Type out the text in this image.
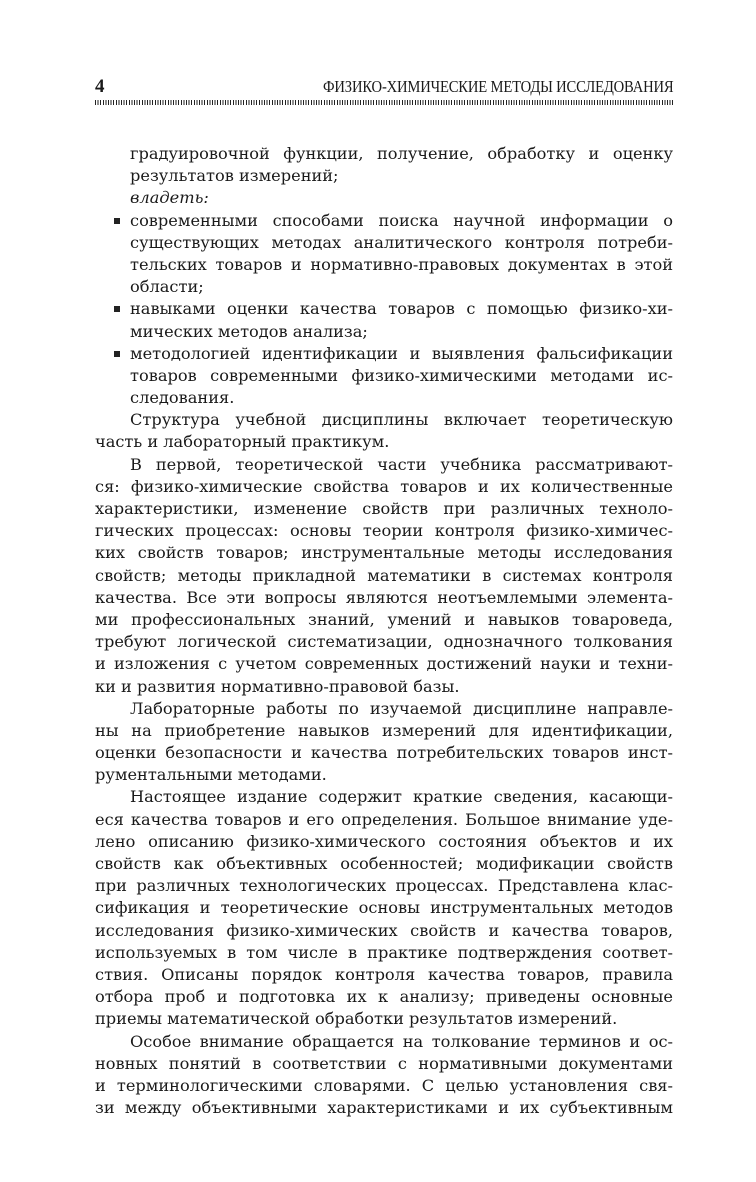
4	ФИЗИКО-ХИМИЧЕСКИЕ МЕТОДЫ ИССЛЕДОВАНИЯ
градуировочной функции, получение, обработку и оценку
результатов измерений;
владеть:
современными способами поиска научной информации о
существующих методах аналитического контроля потреби-
тельских товаров и нормативно-правовых документах в этой
области;
навыками оценки качества товаров с помощью физико-хи-
мических методов анализа;
методологией идентификации и выявления фальсификации
товаров современными физико-химическими методами ис-
следования.
Структура учебной дисциплины включает теоретическую
часть и лабораторный практикум.
В первой, теоретической части учебника рассматривают-
ся: физико-химические свойства товаров и их количественные
характеристики, изменение свойств при различных техноло-
гических процессах: основы теории контроля физико-химичес-
ких свойств товаров; инструментальные методы исследования
свойств; методы прикладной математики в системах контроля
качества. Все эти вопросы являются неотъемлемыми элемента-
ми профессиональных знаний, умений и навыков товароведа,
требуют логической систематизации, однозначного толкования
и изложения с учетом современных достижений науки и техни-
ки и развития нормативно-правовой базы.
Лабораторные работы по изучаемой дисциплине направле-
ны на приобретение навыков измерений для идентификации,
оценки безопасности и качества потребительских товаров инст-
рументальными методами.
Настоящее издание содержит краткие сведения, касающи-
еся качества товаров и его определения. Большое внимание уде-
лено описанию физико-химического состояния объектов и их
свойств как объективных особенностей; модификации свойств
при различных технологических процессах. Представлена клас-
сификация и теоретические основы инструментальных методов
исследования физико-химических свойств и качества товаров,
используемых в том числе в практике подтверждения соответ-
ствия. Описаны порядок контроля качества товаров, правила
отбора проб и подготовка их к анализу; приведены основные
приемы математической обработки результатов измерений.
Особое внимание обращается на толкование терминов и ос-
новных понятий в соответствии с нормативными документами
и терминологическими словарями. С целью установления свя-
зи между объективными характеристиками и их субъективным
